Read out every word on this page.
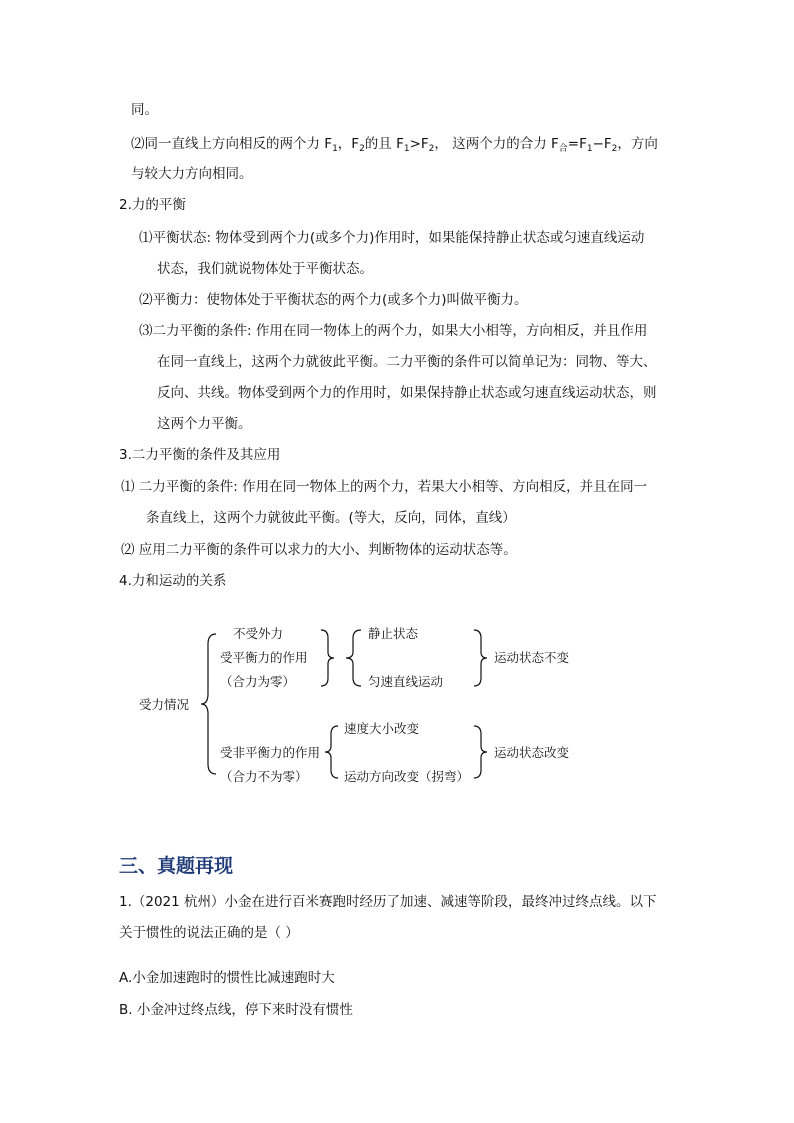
同。
⑵同一直线上方向相反的两个力 $F_1$，$F_2$的且 $F_1>F_2$， 这两个力的合力 $F_合=F_1-F_2$，方向
与较大力方向相同。
2.力的平衡
⑴平衡状态: 物体受到两个力(或多个力)作用时，如果能保持静止状态或匀速直线运动
状态，我们就说物体处于平衡状态。
⑵平衡力：使物体处于平衡状态的两个力(或多个力)叫做平衡力。
⑶二力平衡的条件: 作用在同一物体上的两个力，如果大小相等，方向相反，并且作用
在同一直线上，这两个力就彼此平衡。二力平衡的条件可以简单记为：同物、等大、
反向、共线。物体受到两个力的作用时，如果保持静止状态或匀速直线运动状态，则
这两个力平衡。
3.二力平衡的条件及其应用
⑴ 二力平衡的条件: 作用在同一物体上的两个力，若果大小相等、方向相反，并且在同一
条直线上，这两个力就彼此平衡。(等大，反向，同体，直线）
⑵ 应用二力平衡的条件可以求力的大小、判断物体的运动状态等。
4.力和运动的关系
受力情况
不受外力
受平衡力的作用
（合力为零）
静止状态
匀速直线运动
运动状态不变
受非平衡力的作用
（合力不为零）
速度大小改变
运动方向改变（拐弯）
运动状态改变
三、真题再现
1.（2021 杭州）小金在进行百米赛跑时经历了加速、减速等阶段，最终冲过终点线。以下
关于惯性的说法正确的是（ ）
A.小金加速跑时的惯性比减速跑时大
B. 小金冲过终点线，停下来时没有惯性
